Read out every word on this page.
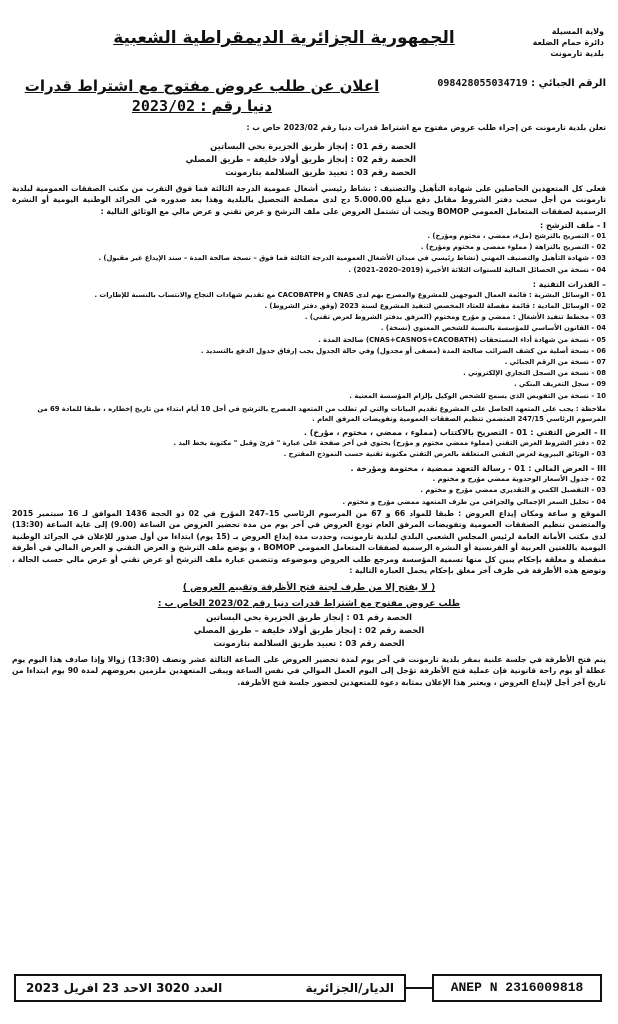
ولاية المسيلة
دائرة حمام الضلعة
بلدية تارمونت
الجمهورية الجزائرية الديمقراطية الشعبية
الرقم الجبائي : 098428055034719
اعلان عن طلب عروض مفتوح مع اشتراط قدرات دنيا رقم : 2023/02

تعلن بلدية تارمونت عن إجراء طلب عروض مفتوح مع اشتراط قدرات دنيا رقم 2023/02 خاص ب :

الحصة رقم 01 : إنجاز طريق الجزيرة بحي البساتين
الحصة رقم 02 : إنجاز طريق أولاد خليفة – طريق المصلي
الحصة رقم 03 : تعبيد طريق السلالمة بتارمونت

فعلى كل المتعهدين الحاصلين على شهادة التأهيل والتصنيف : نشاط رئيسي أشغال عمومية الدرجة الثالثة فما فوق التقرب من مكتب الصفقات العمومية لبلدية تارمونت من أجل سحب دفتر الشروط مقابل دفع مبلغ 5.000.00 دج لدى مصلحة التحصيل بالبلدية وهذا بعد صدوره في الجرائد الوطنية اليومية أو النشرة الرسمية لصفقات المتعامل العمومي BOMOP ويجب أن تشتمل العروض على ملف الترشح و عرض تقني و عرض مالي مع الوثائق التالية :

I - ملف الترشح :
01 - التصريح بالترشح (ملء، ممضي ، مختوم ومؤرخ) .
02 - التصريح بالنزاهة ( مملوء ممضى و مختوم ومؤرخ) .
03 - شهادة التأهيل والتصنيف المهني (نشاط رئيسي في ميدان الأشغال العمومية الدرجة الثالثة فما فوق – نسخة صالحة المدة – سند الإيداع غير مقبول) .
04 - نسخة من الحصائل المالية للسنوات الثلاثة الأخيرة (2019–2020–2021) .
– القدرات التقنية :
01 - الوسائل البشرية : قائمة العمال الموجهين للمشروع والمصرح بهم لدى CNAS و CACOBATPH مع تقديم شهادات النجاح والانتساب بالنسبة للإطارات .
02 - الوسائل المادية : قائمة مفصلة للعتاد المخصص لتنفيذ المشروع لسنة 2023 (وفق دفتر الشروط) .
03 - مخطط تنفيذ الأشغال : ممضي و مؤرخ ومختوم (المرفق بدفتر الشروط لعرض تقني) .
04 - القانون الأساسي للمؤسسة بالنسبة للشخص المعنوي (نسخة) .
05 - نسخة من شهادة أداء المستحقات (CNAS+CASNOS+CACOBATH) صالحة المدة .
06 - نسخة أصلية من كشف الضرائب صالحة المدة (مصفى أو مجدول) وفي حالة الجدول يجب إرفاق جدول الدفع بالتسديد .
07 - نسخة من الرقم الجبائي .
08 - نسخة من السجل التجاري الإلكتروني .
09 - سجل التعريف البنكي .
10 - نسخة من التفويض الذي يسمح للشخص الوكيل بإلزام المؤسسة المعنية .

ملاحظة : يجب على المتعهد الحاصل على المشروع تقديم البيانات والتي لم تطلب من المتعهد المصرح بالترشح في أجل 10 أيام ابتداء من تاريخ إخطاره ، طبقا للمادة 69 من المرسوم الرئاسي 247/15 المتضمن تنظيم الصفقات العمومية وتفويضات المرفق العام .

II - العرض التقني : 01 - التصريح بالاكتتاب (مملوء ، ممضي ، مختوم ، مؤرخ) .
02 - دفتر الشروط العرض التقني (مملوء ممضي مختوم و مؤرخ) يحتوي في آخر صفحة على عبارة " قرئ وقبل " مكتوبة بخط اليد .
03 - الوثائق البيروية لعرض التقني المتعلقة بالعرض التقني مكتوبة تقنية حسب النموذج المقترح .
III - العرض المالي : 01 - رسالة التعهد ممضية ، مختومة ومؤرخة .
02 - جدول الأسعار الوحدوية ممضي مؤرخ و مختوم .
03 - التفصيل الكمي و التقديري ممضي مؤرخ و مختوم .
04 - تحليل السعر الإجمالي والجزافي من طرف المتعهد ممضي مؤرخ و مختوم .

الموقع و ساعة ومكان إيداع العروض : طبقا للمواد 66 و 67 من المرسوم الرئاسي 15–247 المؤرخ في 02 ذو الحجة 1436 الموافق لـ 16 سبتمبر 2015 والمتضمن تنظيم الصفقات العمومية وتفويضات المرفق العام تودع العروض في آخر يوم من مدة تحضير العروض من الساعة (9.00) إلى غاية الساعة (13:30) لدى مكتب الأمانة العامة لرئيس المجلس الشعبي البلدي لبلدية تارمونت، وحددت مدة إيداع العروض بـ (15 يوم) ابتداءا من أول صدور للإعلان في الجرائد الوطنية اليومية باللغتين العربية أو الفرنسية أو النشرة الرسمية لصفقات المتعامل العمومي BOMOP ، و يوضع ملف الترشح و العرض التقني و العرض المالي في أظرفة منفصلة و مغلقة بإحكام يبين كل منها تسمية المؤسسة ومرجع طلب العروض وموضوعه وتتضمن عبارة ملف الترشح أو عرض تقني أو عرض مالي حسب الحالة ، وتوضع هذه الأظرفة في ظرف آخر مغلق بإحكام يحمل العبارة التالية :

( لا يفتح إلا من طرف لجنة فتح الأظرفة وتقييم العروض )
طلب عروض مفتوح مع اشتراط قدرات دنيا رقم 2023/02 الخاص ب :
الحصة رقم 01 : إنجاز طريق الجزيرة بحي البساتين
الحصة رقم 02 : إنجاز طريق أولاد خليفة – طريق المصلي
الحصة رقم 03 : تعبيد طريق السلالمة بتارمونت

يتم فتح الأظرفة في جلسة علنية بمقر بلدية تارمونت في آخر يوم لمدة تحضير العروض على الساعة الثالثة عشر ونصف (13:30) زوالا وإذا صادف هذا اليوم يوم عطلة أو يوم راحة قانونية فإن عملية فتح الأظرفة تؤجل إلى اليوم العمل الموالي في نفس الساعة ويبقى المتعهدين ملزمين بعروضهم لمدة 90 يوم ابتداءا من تاريخ آخر أجل لإيداع العروض ، ويعتبر هذا الإعلان بمثابة دعوة للمتعهدين لحضور جلسة فتح الأظرفة.

الديار/الجزائرية
العدد 3020 الاحد 23 افريل 2023	ANEP N 2316009818
